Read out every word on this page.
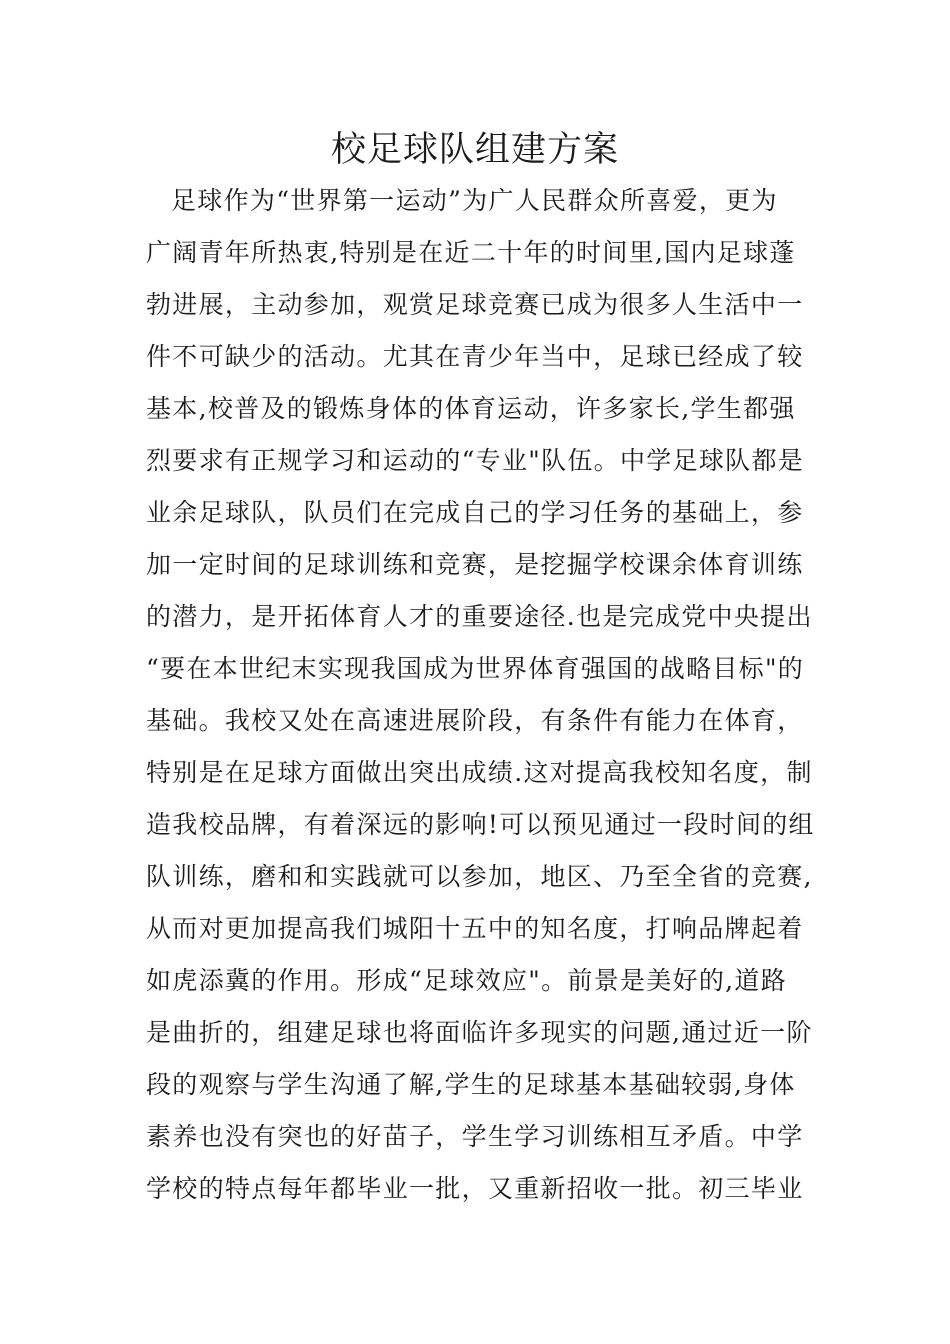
校足球队组建方案
足球作为“世界第一运动”为广人民群众所喜爱，更为
广阔青年所热衷,特别是在近二十年的时间里,国内足球蓬
勃进展，主动参加，观赏足球竞赛已成为很多人生活中一
件不可缺少的活动。尤其在青少年当中，足球已经成了较
基本,校普及的锻炼身体的体育运动，许多家长,学生都强
烈要求有正规学习和运动的“专业"队伍。中学足球队都是
业余足球队，队员们在完成自己的学习任务的基础上，参
加一定时间的足球训练和竞赛，是挖掘学校课余体育训练
的潜力，是开拓体育人才的重要途径.也是完成党中央提出
“要在本世纪末实现我国成为世界体育强国的战略目标"的
基础。我校又处在高速进展阶段，有条件有能力在体育，
特别是在足球方面做出突出成绩.这对提高我校知名度，制
造我校品牌，有着深远的影响!可以预见通过一段时间的组
队训练，磨和和实践就可以参加，地区、乃至全省的竞赛,
从而对更加提高我们城阳十五中的知名度，打响品牌起着
如虎添冀的作用。形成“足球效应"。前景是美好的,道路
是曲折的，组建足球也将面临许多现实的问题,通过近一阶
段的观察与学生沟通了解,学生的足球基本基础较弱,身体
素养也没有突也的好苗子，学生学习训练相互矛盾。中学
学校的特点每年都毕业一批，又重新招收一批。初三毕业
